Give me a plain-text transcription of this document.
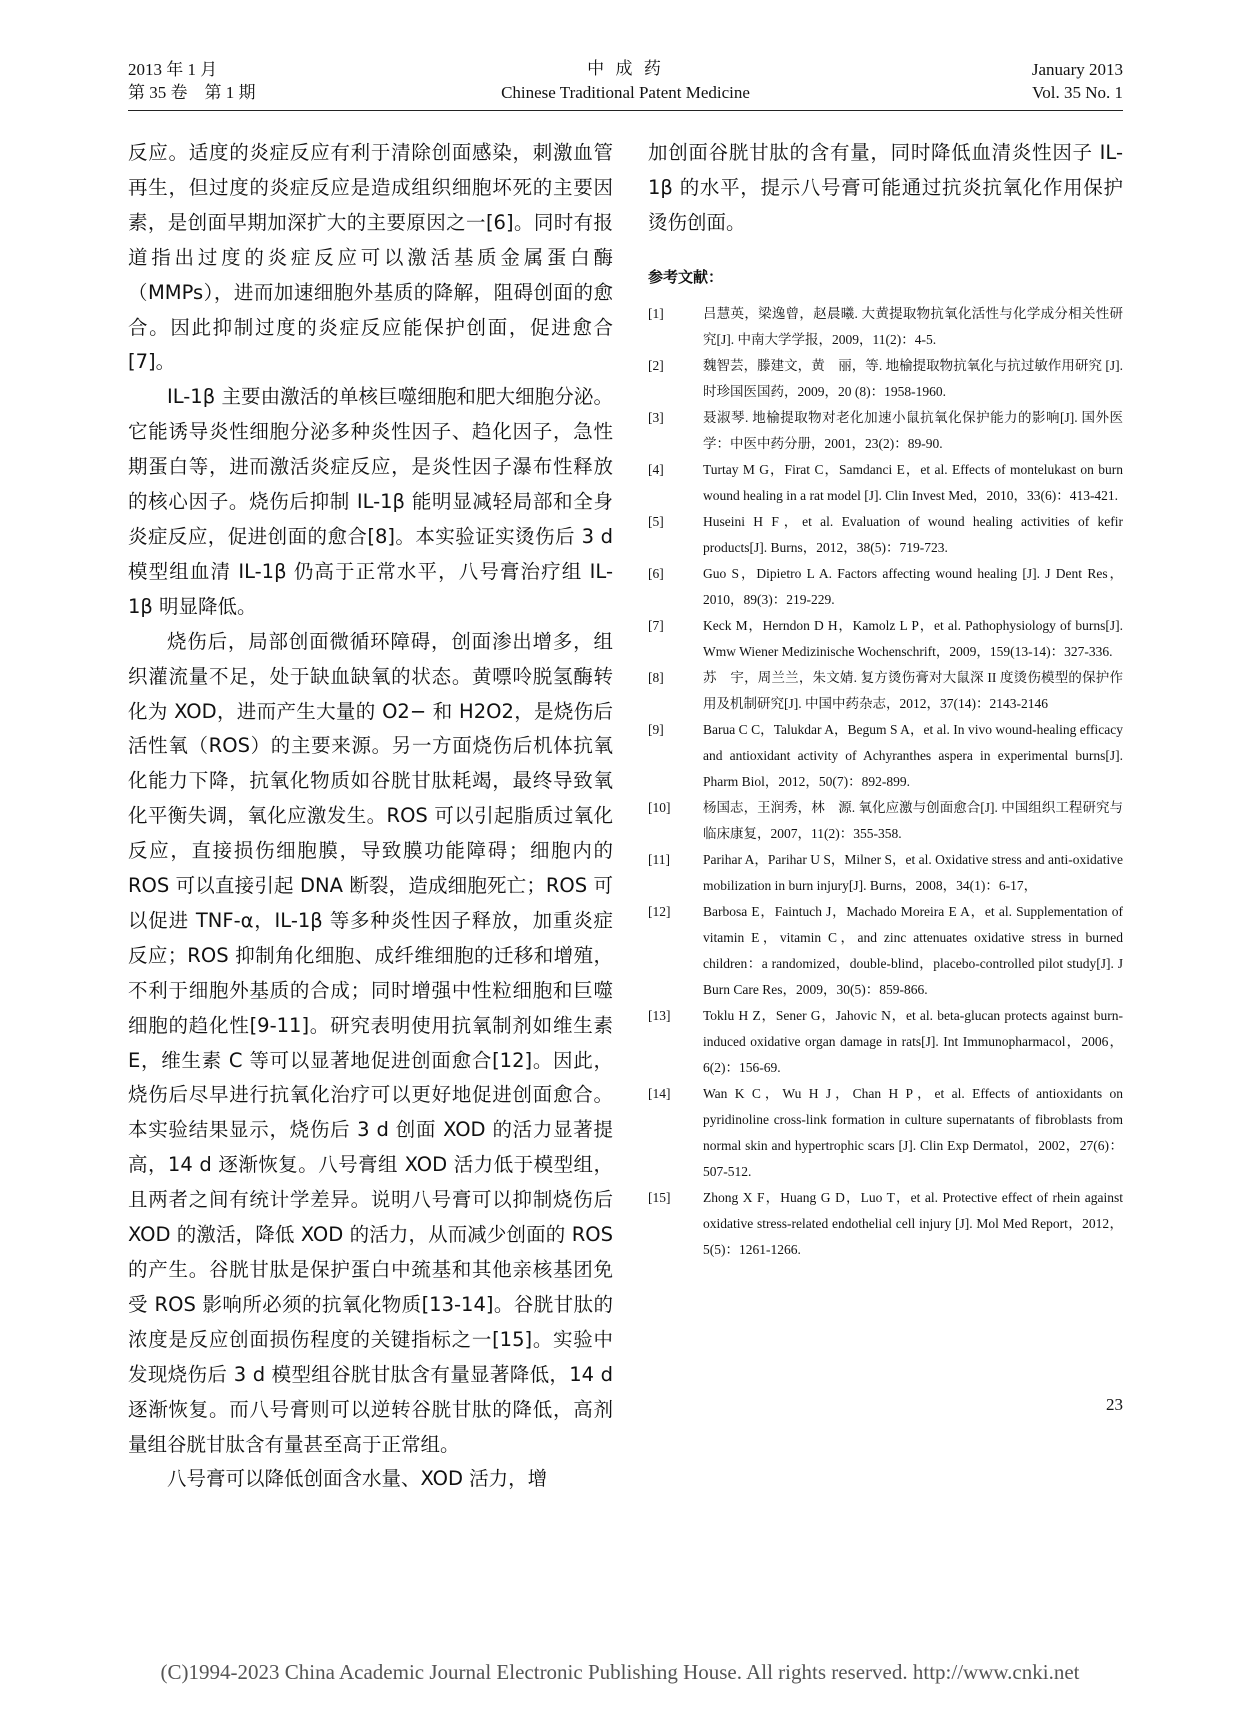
2013 年 1 月
第 35 卷　第 1 期
中 成 药
Chinese Traditional Patent Medicine
January 2013
Vol. 35 No. 1

反应。适度的炎症反应有利于清除创面感染，刺激血管再生，但过度的炎症反应是造成组织细胞坏死的主要因素，是创面早期加深扩大的主要原因之一[6]。同时有报道指出过度的炎症反应可以激活基质金属蛋白酶（MMPs），进而加速细胞外基质的降解，阻碍创面的愈合。因此抑制过度的炎症反应能保护创面，促进愈合[7]。

IL-1β 主要由激活的单核巨噬细胞和肥大细胞分泌。它能诱导炎性细胞分泌多种炎性因子、趋化因子，急性期蛋白等，进而激活炎症反应，是炎性因子瀑布性释放的核心因子。烧伤后抑制 IL-1β 能明显减轻局部和全身炎症反应，促进创面的愈合[8]。本实验证实烫伤后 3 d 模型组血清 IL-1β 仍高于正常水平，八号膏治疗组 IL-1β 明显降低。

烧伤后，局部创面微循环障碍，创面渗出增多，组织灌流量不足，处于缺血缺氧的状态。黄嘌呤脱氢酶转化为 XOD，进而产生大量的 O2− 和 H2O2，是烧伤后活性氧（ROS）的主要来源。另一方面烧伤后机体抗氧化能力下降，抗氧化物质如谷胱甘肽耗竭，最终导致氧化平衡失调，氧化应激发生。ROS 可以引起脂质过氧化反应，直接损伤细胞膜，导致膜功能障碍；细胞内的 ROS 可以直接引起 DNA 断裂，造成细胞死亡；ROS 可以促进 TNF-α，IL-1β 等多种炎性因子释放，加重炎症反应；ROS 抑制角化细胞、成纤维细胞的迁移和增殖，不利于细胞外基质的合成；同时增强中性粒细胞和巨噬细胞的趋化性[9-11]。研究表明使用抗氧制剂如维生素 E，维生素 C 等可以显著地促进创面愈合[12]。因此，烧伤后尽早进行抗氧化治疗可以更好地促进创面愈合。本实验结果显示，烧伤后 3 d 创面 XOD 的活力显著提高，14 d 逐渐恢复。八号膏组 XOD 活力低于模型组，且两者之间有统计学差异。说明八号膏可以抑制烧伤后 XOD 的激活，降低 XOD 的活力，从而减少创面的 ROS 的产生。谷胱甘肽是保护蛋白中巯基和其他亲核基团免受 ROS 影响所必须的抗氧化物质[13-14]。谷胱甘肽的浓度是反应创面损伤程度的关键指标之一[15]。实验中发现烧伤后 3 d 模型组谷胱甘肽含有量显著降低，14 d 逐渐恢复。而八号膏则可以逆转谷胱甘肽的降低，高剂量组谷胱甘肽含有量甚至高于正常组。

八号膏可以降低创面含水量、XOD 活力，增

加创面谷胱甘肽的含有量，同时降低血清炎性因子 IL-1β 的水平，提示八号膏可能通过抗炎抗氧化作用保护烫伤创面。

参考文献：
[1]	吕慧英，梁逸曾，赵晨曦. 大黄提取物抗氧化活性与化学成分相关性研究[J]. 中南大学学报，2009，11(2)：4-5.
[2]	魏智芸，滕建文，黄　丽，等. 地榆提取物抗氧化与抗过敏作用研究 [J]. 时珍国医国药，2009，20 (8)：1958-1960.
[3]	聂淑琴. 地榆提取物对老化加速小鼠抗氧化保护能力的影响[J]. 国外医学：中医中药分册，2001，23(2)：89-90.
[4]	Turtay M G，Firat C，Samdanci E，et al. Effects of montelukast on burn wound healing in a rat model [J]. Clin Invest Med，2010，33(6)：413-421.
[5]	Huseini H F，et al. Evaluation of wound healing activities of kefir products[J]. Burns，2012，38(5)：719-723.
[6]	Guo S，Dipietro L A. Factors affecting wound healing [J]. J Dent Res，2010，89(3)：219-229.
[7]	Keck M，Herndon D H，Kamolz L P，et al. Pathophysiology of burns[J]. Wmw Wiener Medizinische Wochenschrift，2009，159(13-14)：327-336.
[8]	苏　宇，周兰兰，朱文婧. 复方烫伤膏对大鼠深 II 度烫伤模型的保护作用及机制研究[J]. 中国中药杂志，2012，37(14)：2143-2146
[9]	Barua C C，Talukdar A，Begum S A，et al. In vivo wound-healing efficacy and antioxidant activity of Achyranthes aspera in experimental burns[J]. Pharm Biol，2012，50(7)：892-899.
[10]	杨国志，王润秀，林　源. 氧化应激与创面愈合[J]. 中国组织工程研究与临床康复，2007，11(2)：355-358.
[11]	Parihar A，Parihar U S，Milner S，et al. Oxidative stress and anti-oxidative mobilization in burn injury[J]. Burns，2008，34(1)：6-17，
[12]	Barbosa E，Faintuch J，Machado Moreira E A，et al. Supplementation of vitamin E，vitamin C，and zinc attenuates oxidative stress in burned children：a randomized，double-blind，placebo-controlled pilot study[J]. J Burn Care Res，2009，30(5)：859-866.
[13]	Toklu H Z，Sener G，Jahovic N，et al. beta-glucan protects against burn-induced oxidative organ damage in rats[J]. Int Immunopharmacol，2006，6(2)：156-69.
[14]	Wan K C，Wu H J，Chan H P，et al. Effects of antioxidants on pyridinoline cross-link formation in culture supernatants of fibroblasts from normal skin and hypertrophic scars [J]. Clin Exp Dermatol，2002，27(6)：507-512.
[15]	Zhong X F，Huang G D，Luo T，et al. Protective effect of rhein against oxidative stress-related endothelial cell injury [J]. Mol Med Report，2012，5(5)：1261-1266.
23
(C)1994-2023 China Academic Journal Electronic Publishing House. All rights reserved. http://www.cnki.net
